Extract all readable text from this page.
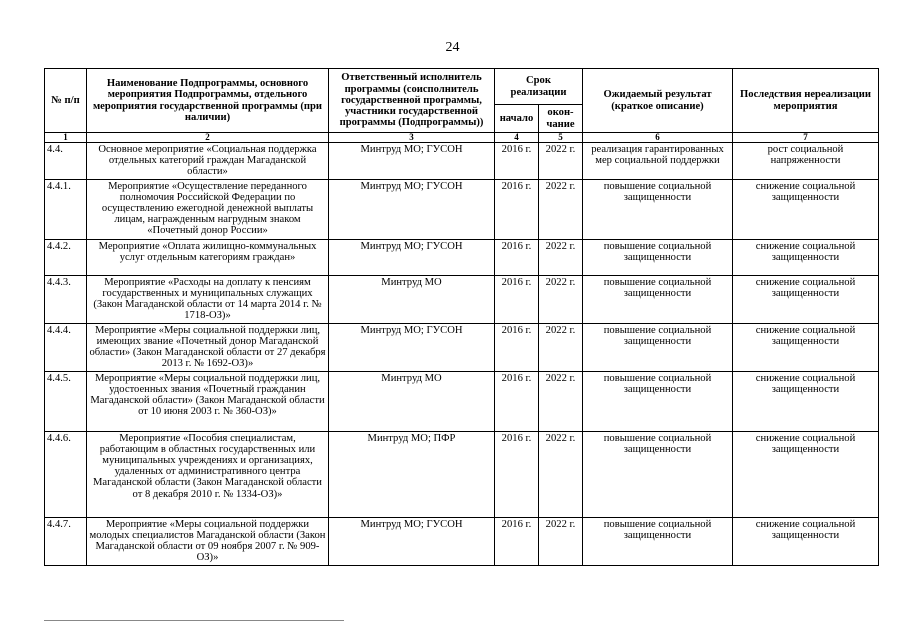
24
№ п/п	Наименование Подпрограммы, основного мероприятия Подпрограммы, отдельного мероприятия государственной программы (при наличии)	Ответственный исполнитель программы (соисполнитель государственной программы, участники государственной программы (Подпрограммы))	Срок реализации		Ожидаемый результат (краткое описание)	Последствия нереализации мероприятия
			начало	окон-чание		
1	2	3	4	5	6	7
4.4.	Основное мероприятие «Социальная поддержка отдельных категорий граждан Магаданской области»	Минтруд МО; ГУСОН	2016 г.	2022 г.	реализация гарантированных мер социальной поддержки	рост социальной напряженности
4.4.1.	Мероприятие «Осуществление переданного полномочия Российской Федерации по осуществлению ежегодной денежной выплаты лицам, награжденным нагрудным знаком «Почетный донор России»	Минтруд МО; ГУСОН	2016 г.	2022 г.	повышение социальной защищенности	снижение социальной защищенности
4.4.2.	Мероприятие «Оплата жилищно-коммунальных услуг отдельным категориям граждан»	Минтруд МО; ГУСОН	2016 г.	2022 г.	повышение социальной защищенности	снижение социальной защищенности
4.4.3.	Мероприятие «Расходы на доплату к пенсиям государственных и муниципальных служащих (Закон Магаданской области от 14 марта 2014 г. № 1718-ОЗ)»	Минтруд МО	2016 г.	2022 г.	повышение социальной защищенности	снижение социальной защищенности
4.4.4.	Мероприятие «Меры социальной поддержки лиц, имеющих звание «Почетный донор Магаданской области» (Закон Магаданской области от 27 декабря 2013 г. № 1692-ОЗ)»	Минтруд МО; ГУСОН	2016 г.	2022 г.	повышение социальной защищенности	снижение социальной защищенности
4.4.5.	Мероприятие «Меры социальной поддержки лиц, удостоенных звания «Почетный гражданин Магаданской области» (Закон Магаданской области от 10 июня 2003 г. № 360-ОЗ)»	Минтруд МО	2016 г.	2022 г.	повышение социальной защищенности	снижение социальной защищенности
4.4.6.	Мероприятие «Пособия специалистам, работающим в областных государственных или муниципальных учреждениях и организациях, удаленных от административного центра Магаданской области (Закон Магаданской области от 8 декабря 2010 г. № 1334-ОЗ)»	Минтруд МО; ПФР	2016 г.	2022 г.	повышение социальной защищенности	снижение социальной защищенности
4.4.7.	Мероприятие «Меры социальной поддержки молодых специалистов Магаданской области (Закон Магаданской области от 09 ноября 2007 г. № 909-ОЗ)»	Минтруд МО; ГУСОН	2016 г.	2022 г.	повышение социальной защищенности	снижение социальной защищенности
